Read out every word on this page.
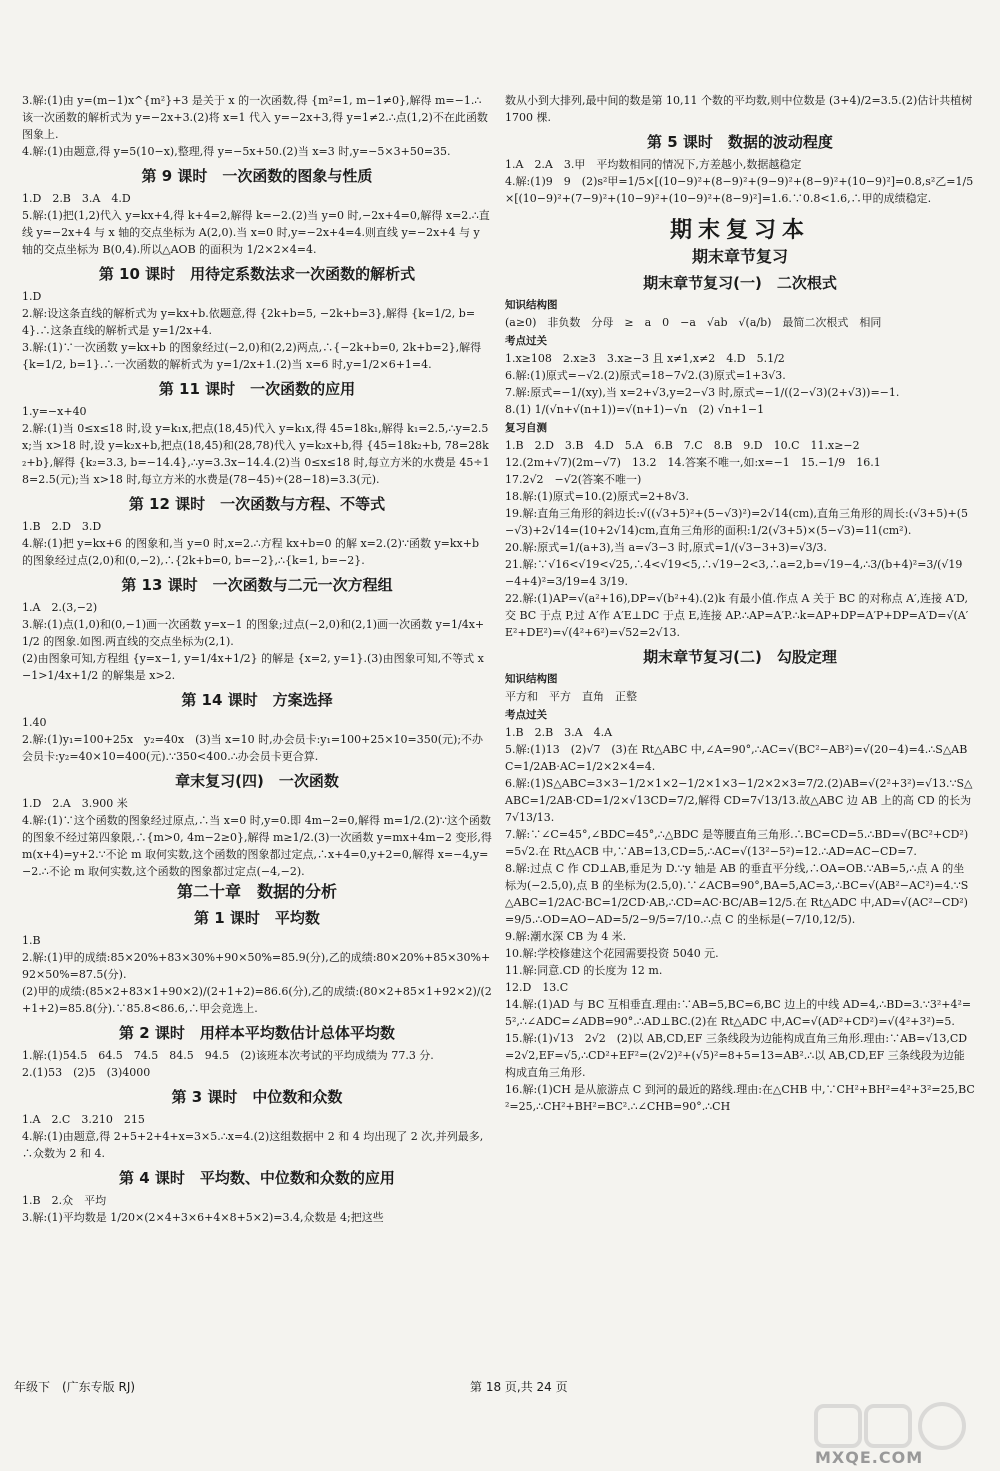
3.解:(1)由 y=(m−1)x^{m²}+3 是关于 x 的一次函数,得 {m²=1, m−1≠0},解得 m=−1.∴该一次函数的解析式为 y=−2x+3.(2)将 x=1 代入 y=−2x+3,得 y=1≠2.∴点(1,2)不在此函数图象上.

4.解:(1)由题意,得 y=5(10−x),整理,得 y=−5x+50.(2)当 x=3 时,y=−5×3+50=35.

第 9 课时　一次函数的图象与性质

1.D　2.B　3.A　4.D

5.解:(1)把(1,2)代入 y=kx+4,得 k+4=2,解得 k=−2.(2)当 y=0 时,−2x+4=0,解得 x=2.∴直线 y=−2x+4 与 x 轴的交点坐标为 A(2,0).当 x=0 时,y=−2x+4=4.则直线 y=−2x+4 与 y 轴的交点坐标为 B(0,4).所以△AOB 的面积为 1/2×2×4=4.

第 10 课时　用待定系数法求一次函数的解析式

1.D

2.解:设这条直线的解析式为 y=kx+b.依题意,得 {2k+b=5, −2k+b=3},解得 {k=1/2, b=4}.∴这条直线的解析式是 y=1/2x+4.

3.解:(1)∵一次函数 y=kx+b 的图象经过(−2,0)和(2,2)两点,∴{−2k+b=0, 2k+b=2},解得 {k=1/2, b=1}.∴一次函数的解析式为 y=1/2x+1.(2)当 x=6 时,y=1/2×6+1=4.

第 11 课时　一次函数的应用

1.y=−x+40

2.解:(1)当 0≤x≤18 时,设 y=k₁x,把点(18,45)代入 y=k₁x,得 45=18k₁,解得 k₁=2.5,∴y=2.5x;当 x>18 时,设 y=k₂x+b,把点(18,45)和(28,78)代入 y=k₂x+b,得 {45=18k₂+b, 78=28k₂+b},解得 {k₂=3.3, b=−14.4},∴y=3.3x−14.4.(2)当 0≤x≤18 时,每立方米的水费是 45÷18=2.5(元);当 x>18 时,每立方米的水费是(78−45)÷(28−18)=3.3(元).

第 12 课时　一次函数与方程、不等式

1.B　2.D　3.D

4.解:(1)把 y=kx+6 的图象和,当 y=0 时,x=2.∴方程 kx+b=0 的解 x=2.(2)∵函数 y=kx+b 的图象经过点(2,0)和(0,−2),∴{2k+b=0, b=−2},∴{k=1, b=−2}.

第 13 课时　一次函数与二元一次方程组

1.A　2.(3,−2)

3.解:(1)点(1,0)和(0,−1)画一次函数 y=x−1 的图象;过点(−2,0)和(2,1)画一次函数 y=1/4x+1/2 的图象.如图.两直线的交点坐标为(2,1).

(2)由图象可知,方程组 {y=x−1, y=1/4x+1/2} 的解是 {x=2, y=1}.(3)由图象可知,不等式 x−1>1/4x+1/2 的解集是 x>2.

第 14 课时　方案选择

1.40

2.解:(1)y₁=100+25x　y₂=40x　(3)当 x=10 时,办会员卡:y₁=100+25×10=350(元);不办会员卡:y₂=40×10=400(元).∵350<400.∴办会员卡更合算.

章末复习(四)　一次函数

1.D　2.A　3.900 米

4.解:(1)∵这个函数的图象经过原点,∴当 x=0 时,y=0.即 4m−2=0,解得 m=1/2.(2)∵这个函数的图象不经过第四象限,∴{m>0, 4m−2≥0},解得 m≥1/2.(3)一次函数 y=mx+4m−2 变形,得 m(x+4)=y+2.∵不论 m 取何实数,这个函数的图象都过定点,∴x+4=0,y+2=0,解得 x=−4,y=−2.∴不论 m 取何实数,这个函数的图象都过定点(−4,−2).

第二十章　数据的分析
第 1 课时　平均数

1.B

2.解:(1)甲的成绩:85×20%+83×30%+90×50%=85.9(分),乙的成绩:80×20%+85×30%+92×50%=87.5(分).

(2)甲的成绩:(85×2+83×1+90×2)/(2+1+2)=86.6(分),乙的成绩:(80×2+85×1+92×2)/(2+1+2)=85.8(分).∵85.8<86.6,∴甲会竞选上.

第 2 课时　用样本平均数估计总体平均数

1.解:(1)54.5　64.5　74.5　84.5　94.5　(2)该班本次考试的平均成绩为 77.3 分.

2.(1)53　(2)5　(3)4000

第 3 课时　中位数和众数

1.A　2.C　3.210　215

4.解:(1)由题意,得 2+5+2+4+x=3×5.∴x=4.(2)这组数据中 2 和 4 均出现了 2 次,并列最多,∴众数为 2 和 4.

第 4 课时　平均数、中位数和众数的应用

1.B　2.众　平均

3.解:(1)平均数是 1/20×(2×4+3×6+4×8+5×2)=3.4,众数是 4;把这些

数从小到大排列,最中间的数是第 10,11 个数的平均数,则中位数是 (3+4)/2=3.5.(2)估计共植树 1700 棵.

第 5 课时　数据的波动程度

1.A　2.A　3.甲　平均数相同的情况下,方差越小,数据越稳定

4.解:(1)9　9　(2)s²甲=1/5×[(10−9)²+(8−9)²+(9−9)²+(8−9)²+(10−9)²]=0.8,s²乙=1/5×[(10−9)²+(7−9)²+(10−9)²+(10−9)²+(8−9)²]=1.6.∵0.8<1.6,∴甲的成绩稳定.

期末复习本
期末章节复习
期末章节复习(一)　二次根式
知识结构图

(a≥0)　非负数　分母　≥　a　0　−a　√ab　√(a/b)　最简二次根式　相同

考点过关

1.x≥108　2.x≥3　3.x≥−3 且 x≠1,x≠2　4.D　5.1/2

6.解:(1)原式=−√2.(2)原式=18−7√2.(3)原式=1+3√3.

7.解:原式=−1/(xy),当 x=2+√3,y=2−√3 时,原式=−1/((2−√3)(2+√3))=−1.

8.(1) 1/(√n+√(n+1))=√(n+1)−√n　(2) √n+1−1

复习自测

1.B　2.D　3.B　4.D　5.A　6.B　7.C　8.B　9.D　10.C　11.x≥−2

12.(2m+√7)(2m−√7)　13.2　14.答案不唯一,如:x=−1　15.−1/9　16.1

17.2√2　−√2(答案不唯一)

18.解:(1)原式=10.(2)原式=2+8√3.

19.解:直角三角形的斜边长:√((√3+5)²+(5−√3)²)=2√14(cm),直角三角形的周长:(√3+5)+(5−√3)+2√14=(10+2√14)cm,直角三角形的面积:1/2(√3+5)×(5−√3)=11(cm²).

20.解:原式=1/(a+3),当 a=√3−3 时,原式=1/(√3−3+3)=√3/3.

21.解:∵√16<√19<√25,∴4<√19<5,∴√19−2<3,∴a=2,b=√19−4,∴3/(b+4)²=3/(√19−4+4)²=3/19=4 3/19.

22.解:(1)AP=√(a²+16),DP=√(b²+4).(2)k 有最小值.作点 A 关于 BC 的对称点 A′,连接 A′D,交 BC 于点 P,过 A′作 A′E⊥DC 于点 E,连接 AP.∴AP=A′P.∴k=AP+DP=A′P+DP=A′D=√(A′E²+DE²)=√(4²+6²)=√52=2√13.

期末章节复习(二)　勾股定理
知识结构图

平方和　平方　直角　正整

考点过关

1.B　2.B　3.A　4.A

5.解:(1)13　(2)√7　(3)在 Rt△ABC 中,∠A=90°,∴AC=√(BC²−AB²)=√(20−4)=4.∴S△ABC=1/2AB·AC=1/2×2×4=4.

6.解:(1)S△ABC=3×3−1/2×1×2−1/2×1×3−1/2×2×3=7/2.(2)AB=√(2²+3²)=√13.∵S△ABC=1/2AB·CD=1/2×√13CD=7/2,解得 CD=7√13/13.故△ABC 边 AB 上的高 CD 的长为 7√13/13.

7.解:∵∠C=45°,∠BDC=45°,∴△BDC 是等腰直角三角形.∴BC=CD=5.∴BD=√(BC²+CD²)=5√2.在 Rt△ACB 中,∵AB=13,CD=5,∴AC=√(13²−5²)=12.∴AD=AC−CD=7.

8.解:过点 C 作 CD⊥AB,垂足为 D.∵y 轴是 AB 的垂直平分线,∴OA=OB.∵AB=5,∴点 A 的坐标为(−2.5,0),点 B 的坐标为(2.5,0).∵∠ACB=90°,BA=5,AC=3,∴BC=√(AB²−AC²)=4.∵S△ABC=1/2AC·BC=1/2CD·AB,∴CD=AC·BC/AB=12/5.在 Rt△ADC 中,AD=√(AC²−CD²)=9/5.∴OD=AO−AD=5/2−9/5=7/10.∴点 C 的坐标是(−7/10,12/5).

9.解:潮水深 CB 为 4 米.

10.解:学校修建这个花园需要投资 5040 元.

11.解:同意.CD 的长度为 12 m.

12.D　13.C

14.解:(1)AD 与 BC 互相垂直.理由:∵AB=5,BC=6,BC 边上的中线 AD=4,∴BD=3.∵3²+4²=5²,∴∠ADC=∠ADB=90°.∴AD⊥BC.(2)在 Rt△ADC 中,AC=√(AD²+CD²)=√(4²+3²)=5.

15.解:(1)√13　2√2　(2)以 AB,CD,EF 三条线段为边能构成直角三角形.理由:∵AB=√13,CD=2√2,EF=√5,∴CD²+EF²=(2√2)²+(√5)²=8+5=13=AB².∴以 AB,CD,EF 三条线段为边能构成直角三角形.

16.解:(1)CH 是从旅游点 C 到河的最近的路线.理由:在△CHB 中,∵CH²+BH²=4²+3²=25,BC²=25,∴CH²+BH²=BC².∴∠CHB=90°.∴CH

年级下　(广东专版 RJ)	第 18 页,共 24 页
MXQE.COM
